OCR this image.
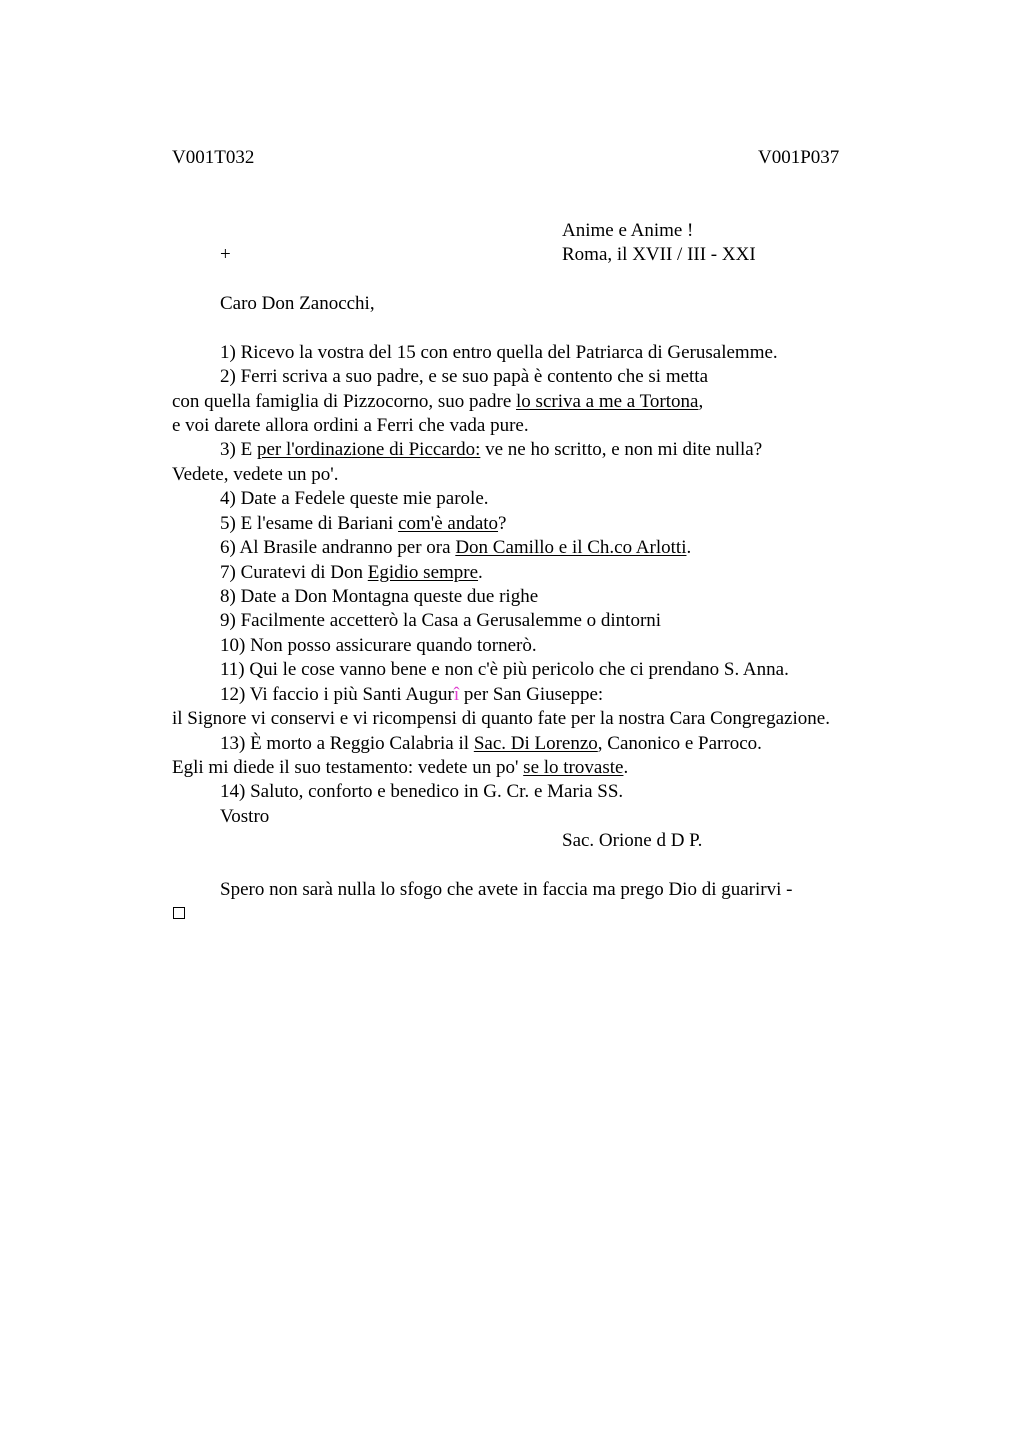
V001T032	V001P037
Anime e Anime !
+	Roma, il XVII / III - XXI
Caro Don Zanocchi,
1) Ricevo la vostra del 15 con entro quella del Patriarca di Gerusalemme.
2) Ferri scriva a suo padre, e se suo papà è contento che si metta
con quella famiglia di Pizzocorno, suo padre lo scriva a me a Tortona,
e voi darete allora ordini a Ferri che vada pure.
3) E per l'ordinazione di Piccardo: ve ne ho scritto, e non mi dite nulla?
Vedete, vedete un po'.
4) Date a Fedele queste mie parole.
5) E l'esame di Bariani com'è andato?
6) Al Brasile andranno per ora Don Camillo e il Ch.co Arlotti.
7) Curatevi di Don Egidio sempre.
8) Date a Don Montagna queste due righe
9) Facilmente accetterò la Casa a Gerusalemme o dintorni
10) Non posso assicurare quando tornerò.
11) Qui le cose vanno bene e non c'è più pericolo che ci prendano S. Anna.
12) Vi faccio i più Santi Augurî per San Giuseppe:
il Signore vi conservi e vi ricompensi di quanto fate per la nostra Cara Congregazione.
13) È morto a Reggio Calabria il Sac. Di Lorenzo, Canonico e Parroco.
Egli mi diede il suo testamento: vedete un po' se lo trovaste.
14) Saluto, conforto e benedico in G. Cr. e Maria SS.
Vostro
Sac. Orione d D P.
Spero non sarà nulla lo sfogo che avete in faccia ma prego Dio di guarirvi -
